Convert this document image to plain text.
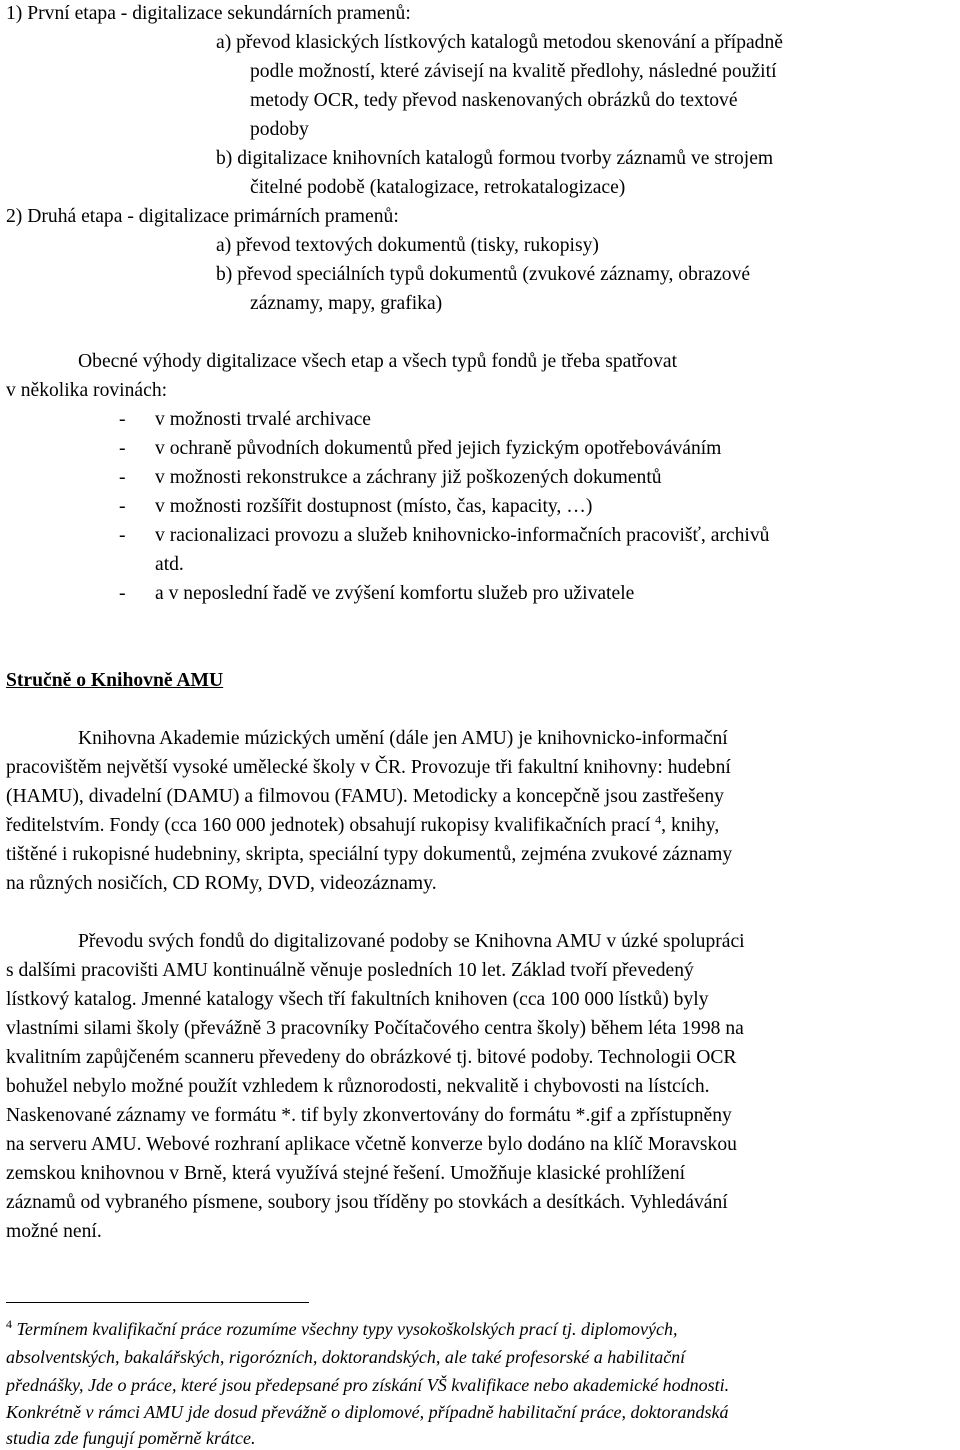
1) První etapa - digitalizace sekundárních pramenů:

a) převod klasických lístkových katalogů metodou skenování a případně

podle možností, které závisejí na kvalitě předlohy, následné použití

metody OCR, tedy převod naskenovaných obrázků do textové

podoby

b) digitalizace knihovních katalogů formou tvorby záznamů ve strojem

čitelné podobě (katalogizace, retrokatalogizace)

2) Druhá etapa - digitalizace primárních pramenů:

a) převod textových dokumentů (tisky, rukopisy)

b) převod speciálních typů dokumentů (zvukové záznamy, obrazové

záznamy, mapy, grafika)

Obecné výhody digitalizace všech etap a všech typů fondů je třeba spatřovat

v několika rovinách:

- v možnosti trvalé archivace

- v ochraně původních dokumentů před jejich fyzickým opotřebováváním

- v možnosti rekonstrukce a záchrany již poškozených dokumentů

- v možnosti rozšířit dostupnost (místo, čas, kapacity, …)

- v racionalizaci provozu a služeb knihovnicko-informačních pracovišť, archivů

atd.

- a v neposlední řadě ve zvýšení komfortu služeb pro uživatele

Stručně o Knihovně AMU

Knihovna Akademie múzických umění (dále jen AMU) je knihovnicko-informační

pracovištěm největší vysoké umělecké školy v ČR. Provozuje tři fakultní knihovny: hudební

(HAMU), divadelní (DAMU) a filmovou (FAMU). Metodicky a koncepčně jsou zastřešeny

ředitelstvím. Fondy (cca 160 000 jednotek) obsahují rukopisy kvalifikačních prací $^4$, knihy,

tištěné i rukopisné hudebniny, skripta, speciální typy dokumentů, zejména zvukové záznamy

na různých nosičích, CD ROMy, DVD, videozáznamy.

Převodu svých fondů do digitalizované podoby se Knihovna AMU v úzké spolupráci

s dalšími pracovišti AMU kontinuálně věnuje posledních 10 let. Základ tvoří převedený

lístkový katalog. Jmenné katalogy všech tří fakultních knihoven (cca 100 000 lístků) byly

vlastními silami školy (převážně 3 pracovníky Počítačového centra školy) během léta 1998 na

kvalitním zapůjčeném scanneru převedeny do obrázkové tj. bitové podoby. Technologii OCR

bohužel nebylo možné použít vzhledem k různorodosti, nekvalitě i chybovosti na lístcích.

Naskenované záznamy ve formátu *. tif byly zkonvertovány do formátu *.gif a zpřístupněny

na serveru AMU. Webové rozhraní aplikace včetně konverze bylo dodáno na klíč Moravskou

zemskou knihovnou v Brně, která využívá stejné řešení. Umožňuje klasické prohlížení

záznamů od vybraného písmene, soubory jsou tříděny po stovkách a desítkách. Vyhledávání

možné není.

$^4$ Termínem kvalifikační práce rozumíme všechny typy vysokoškolských prací tj. diplomových,

absolventských, bakalářských, rigorózních, doktorandských, ale také profesorské a habilitační

přednášky, Jde o práce, které jsou předepsané pro získání VŠ kvalifikace nebo akademické hodnosti.

Konkrétně v rámci AMU jde dosud převážně o diplomové, případně habilitační práce, doktorandská

studia zde fungují poměrně krátce.
